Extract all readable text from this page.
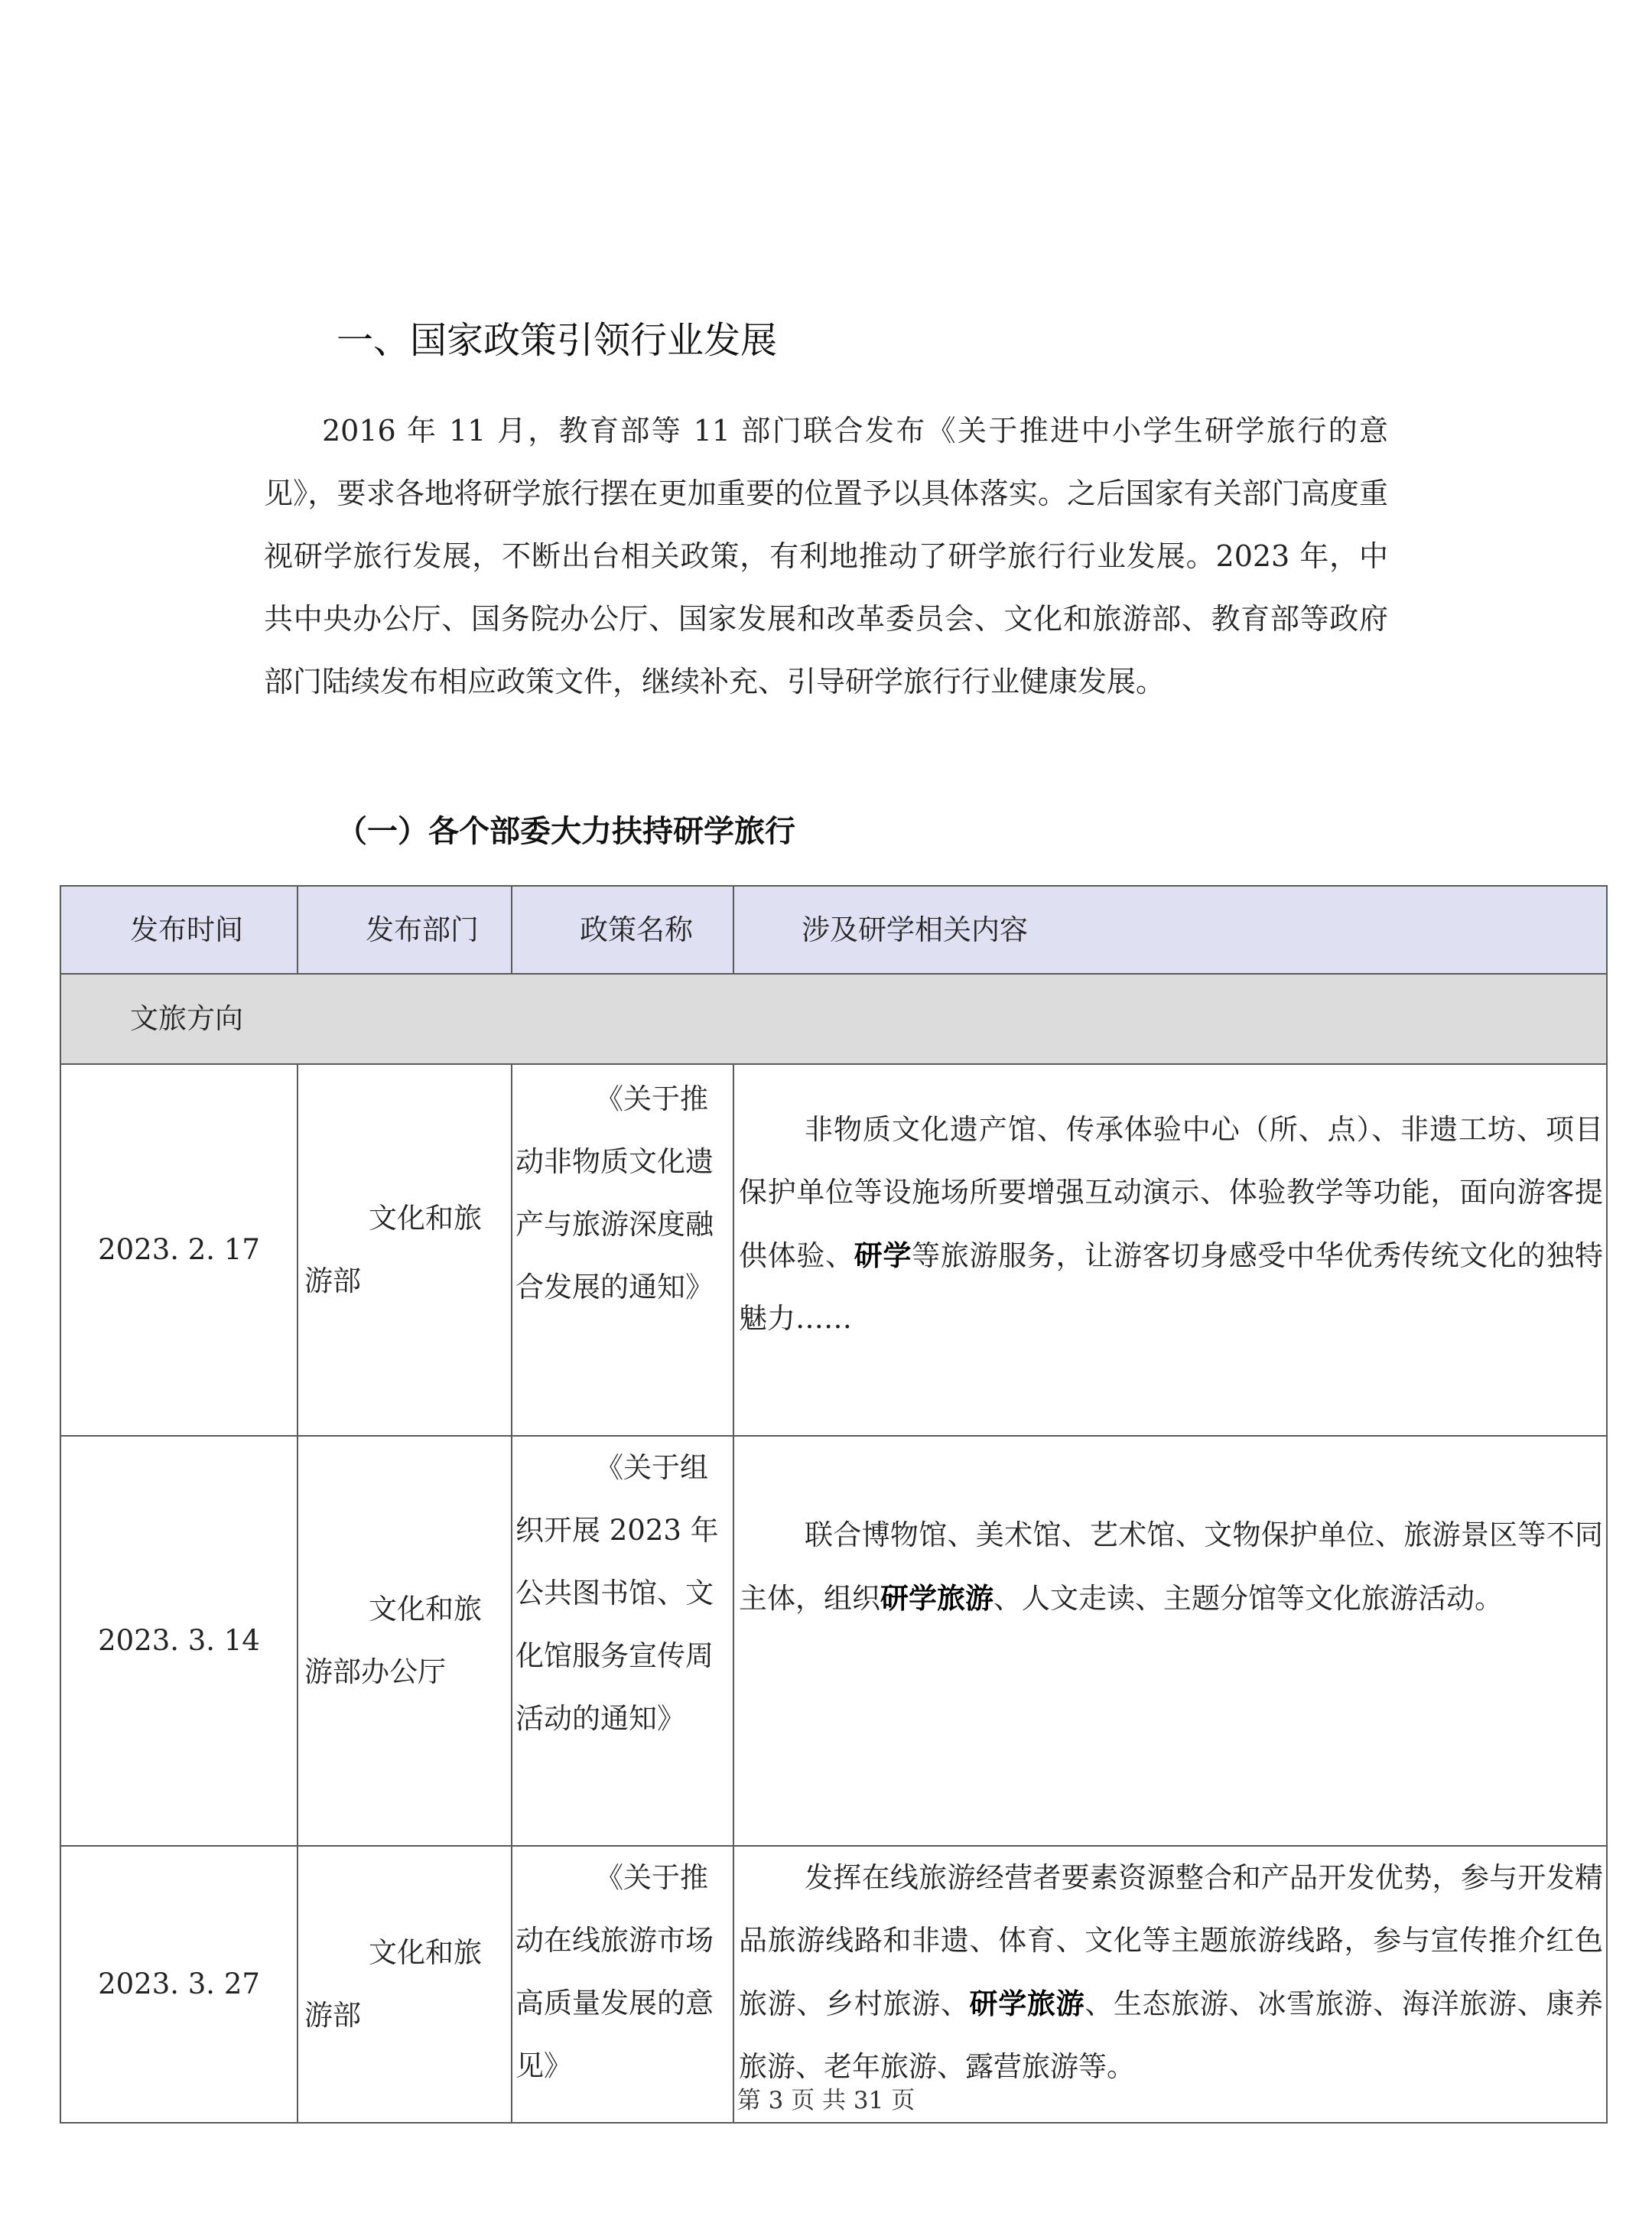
一、国家政策引领行业发展
2016 年 11 月，教育部等 11 部门联合发布《关于推进中小学生研学旅行的意见》，要求各地将研学旅行摆在更加重要的位置予以具体落实。之后国家有关部门高度重视研学旅行发展，不断出台相关政策，有利地推动了研学旅行行业发展。2023 年，中共中央办公厅、国务院办公厅、国家发展和改革委员会、文化和旅游部、教育部等政府部门陆续发布相应政策文件，继续补充、引导研学旅行行业健康发展。
（一）各个部委大力扶持研学旅行
发布时间	发布部门	政策名称	涉及研学相关内容
文旅方向			
2023. 2. 17	文化和旅游部	《关于推动非物质文化遗产与旅游深度融合发展的通知》	非物质文化遗产馆、传承体验中心（所、点）、非遗工坊、项目保护单位等设施场所要增强互动演示、体验教学等功能，面向游客提供体验、研学等旅游服务，让游客切身感受中华优秀传统文化的独特魅力……
2023. 3. 14	文化和旅游部办公厅	《关于组织开展 2023 年公共图书馆、文化馆服务宣传周活动的通知》	联合博物馆、美术馆、艺术馆、文物保护单位、旅游景区等不同主体，组织研学旅游、人文走读、主题分馆等文化旅游活动。
2023. 3. 27	文化和旅游部	《关于推动在线旅游市场高质量发展的意见》	发挥在线旅游经营者要素资源整合和产品开发优势，参与开发精品旅游线路和非遗、体育、文化等主题旅游线路，参与宣传推介红色旅游、乡村旅游、研学旅游、生态旅游、冰雪旅游、海洋旅游、康养旅游、老年旅游、露营旅游等。
第 3 页 共 31 页
